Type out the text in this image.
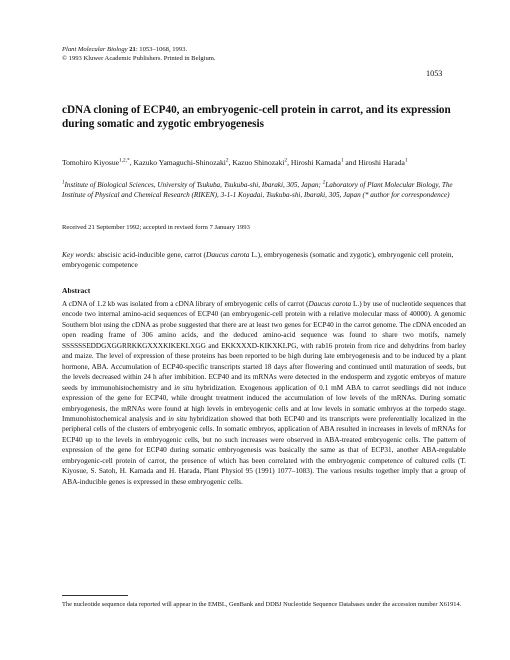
Plant Molecular Biology 21: 1053–1068, 1993.
© 1993 Kluwer Academic Publishers. Printed in Belgium.
1053
cDNA cloning of ECP40, an embryogenic-cell protein in carrot, and its expression during somatic and zygotic embryogenesis
Tomohiro Kiyosue$^{1,2,*}$, Kazuko Yamaguchi-Shinozaki$^2$, Kazuo Shinozaki$^2$, Hiroshi Kamada$^1$ and Hiroshi Harada$^1$
$^1$Institute of Biological Sciences, University of Tsukuba, Tsukuba-shi, Ibaraki, 305, Japan; $^2$Laboratory of Plant Molecular Biology, The Institute of Physical and Chemical Research (RIKEN), 3-1-1 Koyadai, Tsukuba-shi, Ibaraki, 305, Japan (* author for correspondence)
Received 21 September 1992; accepted in revised form 7 January 1993
Key words: abscisic acid-inducible gene, carrot (Daucus carota L.), embryogenesis (somatic and zygotic), embryogenic cell protein, embryogenic competence
Abstract
A cDNA of 1.2 kb was isolated from a cDNA library of embryogenic cells of carrot (Daucus carota L.) by use of nucleotide sequences that encode two internal amino-acid sequences of ECP40 (an embryogenic-cell protein with a relative molecular mass of 40000). A genomic Southern blot using the cDNA as probe suggested that there are at least two genes for ECP40 in the carrot genome. The cDNA encoded an open reading frame of 306 amino acids, and the deduced amino-acid sequence was found to share two motifs, namely SSSSSSEDDGXGGRRKKGXXXKIKEKLXGG and EKKXXXD-KIKXKLPG, with rab16 protein from rice and dehydrins from barley and maize. The level of expression of these proteins has been reported to be high during late embryogenesis and to be induced by a plant hormone, ABA. Accumulation of ECP40-specific transcripts started 18 days after flowering and continued until maturation of seeds, but the levels decreased within 24 h after imbibition. ECP40 and its mRNAs were detected in the endosperm and zygotic embryos of mature seeds by immunohistochemistry and in situ hybridization. Exogenous application of 0.1 mM ABA to carrot seedlings did not induce expression of the gene for ECP40, while drought treatment induced the accumulation of low levels of the mRNAs. During somatic embryogenesis, the mRNAs were found at high levels in embryogenic cells and at low levels in somatic embryos at the torpedo stage. Immunohistochemical analysis and in situ hybridization showed that both ECP40 and its transcripts were preferentially localized in the peripheral cells of the clusters of embryogenic cells. In somatic embryos, application of ABA resulted in increases in levels of mRNAs for ECP40 up to the levels in embryogenic cells, but no such increases were observed in ABA-treated embryogenic cells. The pattern of expression of the gene for ECP40 during somatic embryogenesis was basically the same as that of ECP31, another ABA-regulable embryogenic-cell protein of carrot, the presence of which has been correlated with the embryogenic competence of cultured cells (T. Kiyosue, S. Satoh, H. Kamada and H. Harada, Plant Physiol 95 (1991) 1077–1083). The various results together imply that a group of ABA-inducible genes is expressed in these embryogenic cells.
The nucleotide sequence data reported will appear in the EMBL, GenBank and DDBJ Nucleotide Sequence Databases under the accession number X61914.
